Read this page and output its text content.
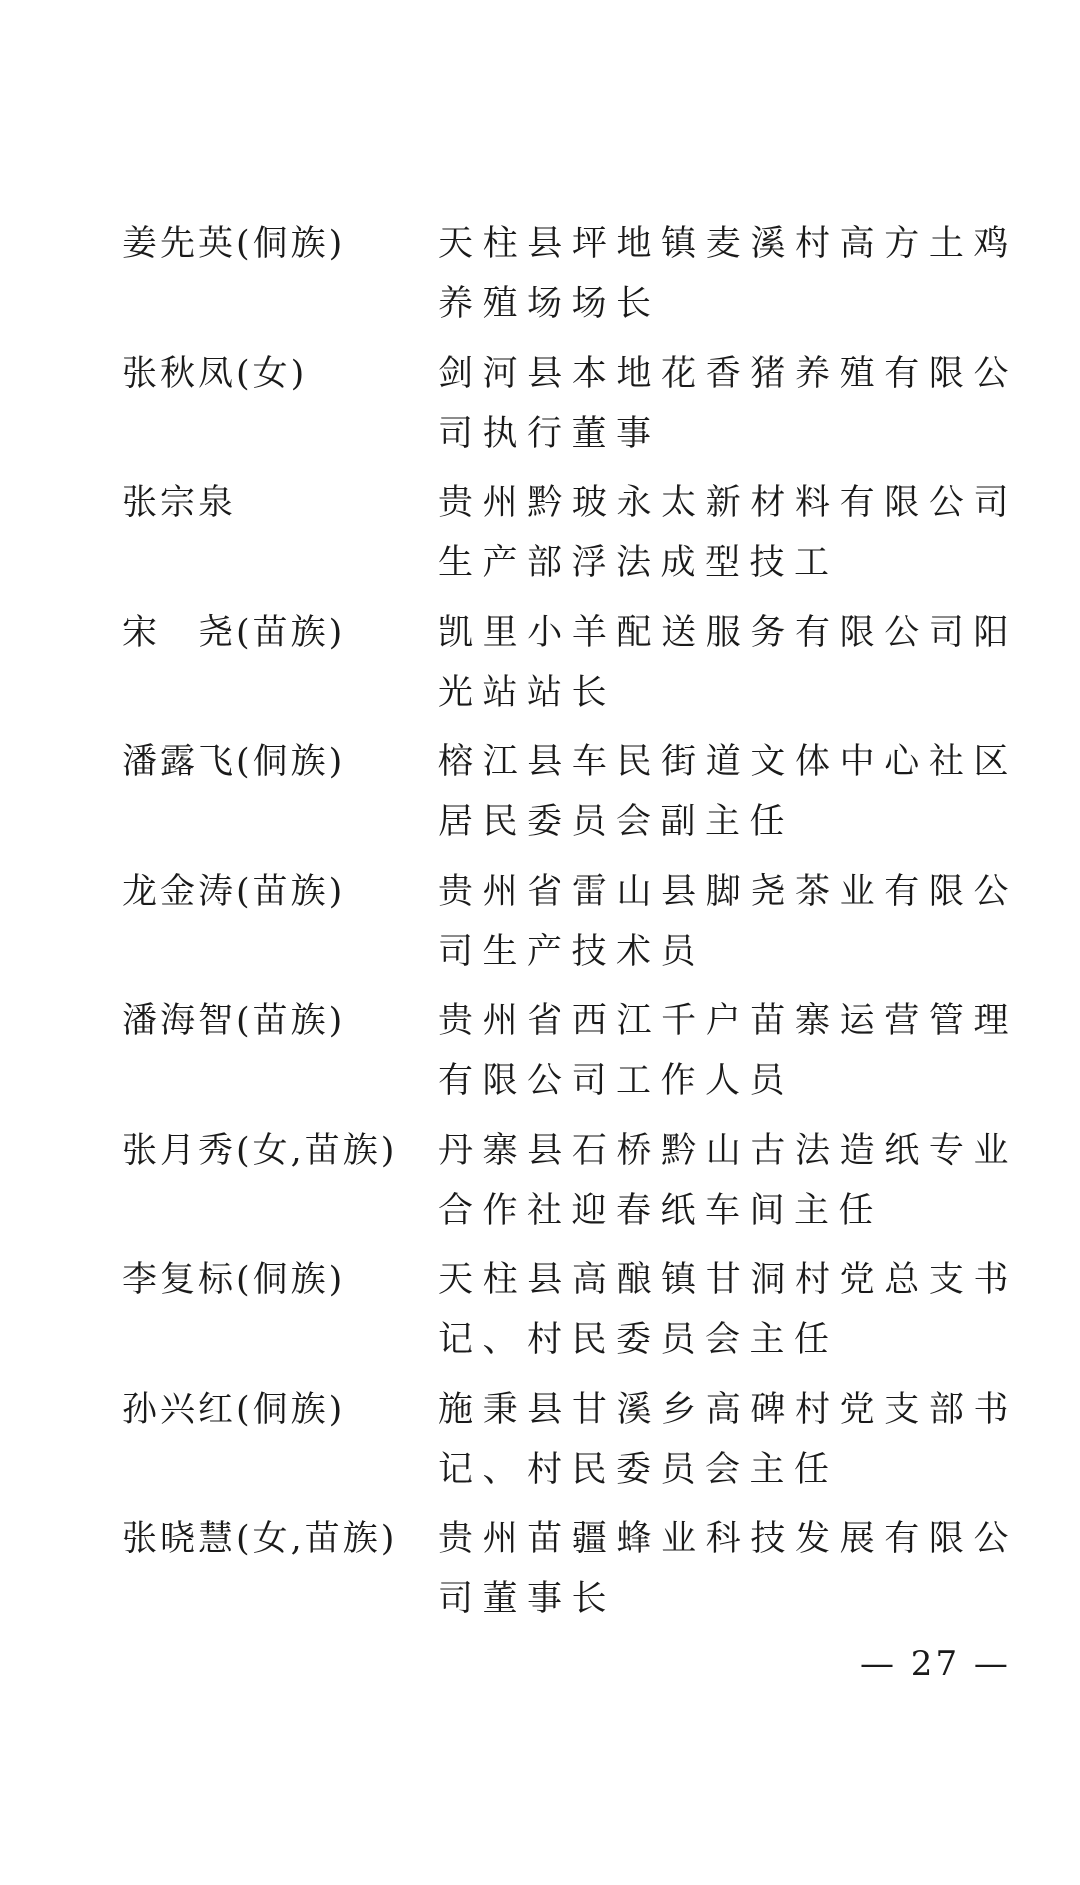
姜先英(侗族)	天柱县坪地镇麦溪村高方土鸡养殖场场长
张秋凤(女)	剑河县本地花香猪养殖有限公司执行董事
张宗泉	贵州黔玻永太新材料有限公司生产部浮法成型技工
宋　尧(苗族)	凯里小羊配送服务有限公司阳光站站长
潘露飞(侗族)	榕江县车民街道文体中心社区居民委员会副主任
龙金涛(苗族)	贵州省雷山县脚尧茶业有限公司生产技术员
潘海智(苗族)	贵州省西江千户苗寨运营管理有限公司工作人员
张月秀(女,苗族)	丹寨县石桥黔山古法造纸专业合作社迎春纸车间主任
李复标(侗族)	天柱县高酿镇甘洞村党总支书记、村民委员会主任
孙兴红(侗族)	施秉县甘溪乡高碑村党支部书记、村民委员会主任
张晓慧(女,苗族)	贵州苗疆蜂业科技发展有限公司董事长
— 27 —
